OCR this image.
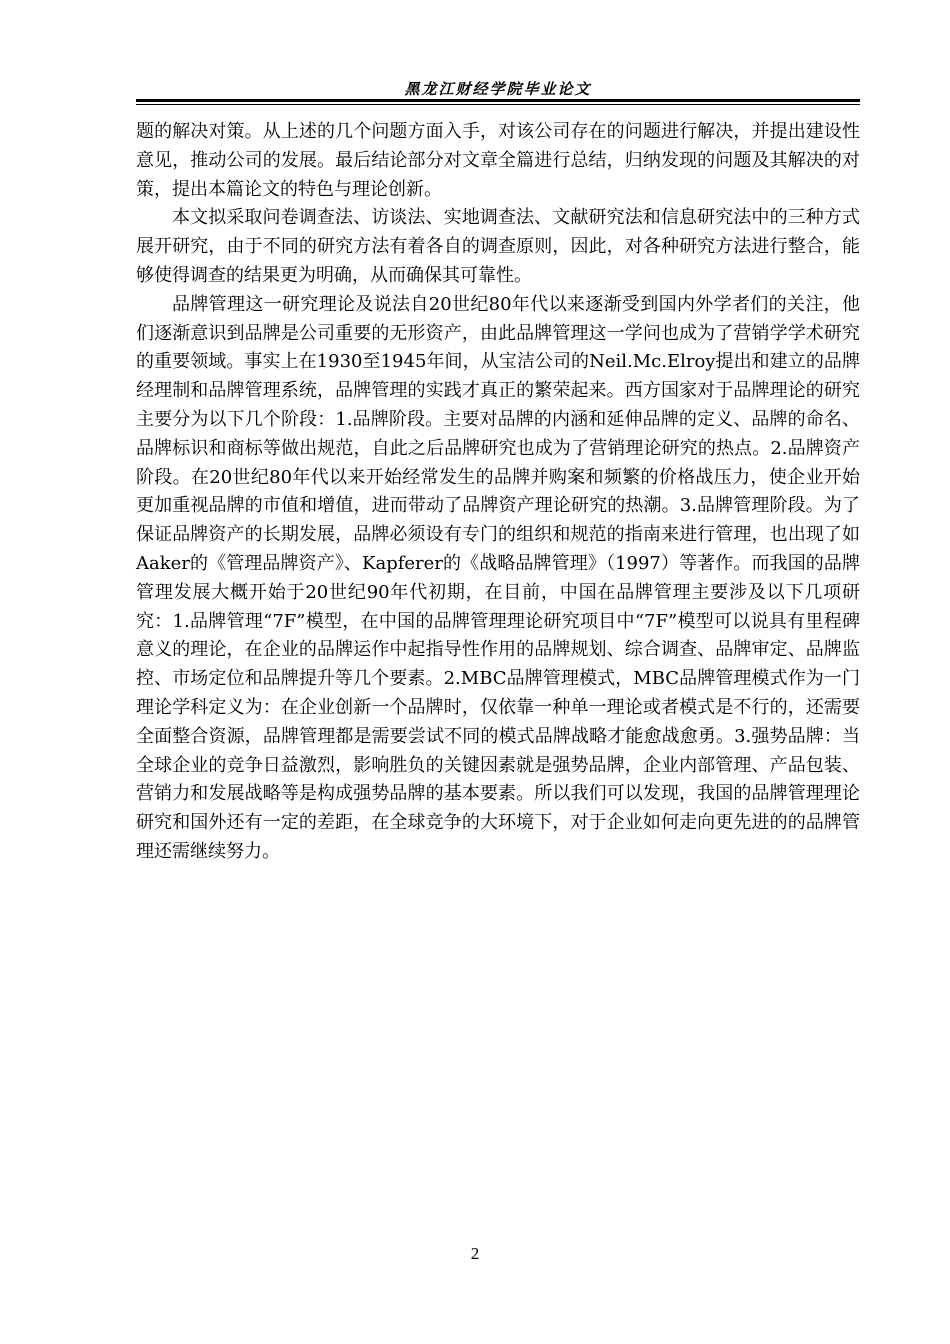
黑龙江财经学院毕业论文

题的解决对策。从上述的几个问题方面入手，对该公司存在的问题进行解决，并提出建设性意见，推动公司的发展。最后结论部分对文章全篇进行总结，归纳发现的问题及其解决的对策，提出本篇论文的特色与理论创新。

本文拟采取问卷调查法、访谈法、实地调查法、文献研究法和信息研究法中的三种方式展开研究，由于不同的研究方法有着各自的调查原则，因此，对各种研究方法进行整合，能够使得调查的结果更为明确，从而确保其可靠性。

品牌管理这一研究理论及说法自20世纪80年代以来逐渐受到国内外学者们的关注，他们逐渐意识到品牌是公司重要的无形资产，由此品牌管理这一学问也成为了营销学学术研究的重要领域。事实上在1930至1945年间，从宝洁公司的Neil.Mc.Elroy提出和建立的品牌经理制和品牌管理系统，品牌管理的实践才真正的繁荣起来。西方国家对于品牌理论的研究主要分为以下几个阶段：1.品牌阶段。主要对品牌的内涵和延伸品牌的定义、品牌的命名、品牌标识和商标等做出规范，自此之后品牌研究也成为了营销理论研究的热点。2.品牌资产阶段。在20世纪80年代以来开始经常发生的品牌并购案和频繁的价格战压力，使企业开始更加重视品牌的市值和增值，进而带动了品牌资产理论研究的热潮。3.品牌管理阶段。为了保证品牌资产的长期发展，品牌必须设有专门的组织和规范的指南来进行管理，也出现了如Aaker的《管理品牌资产》、Kapferer的《战略品牌管理》（1997）等著作。而我国的品牌管理发展大概开始于20世纪90年代初期，在目前，中国在品牌管理主要涉及以下几项研究：1.品牌管理“7F”模型，在中国的品牌管理理论研究项目中“7F”模型可以说具有里程碑意义的理论，在企业的品牌运作中起指导性作用的品牌规划、综合调查、品牌审定、品牌监控、市场定位和品牌提升等几个要素。2.MBC品牌管理模式，MBC品牌管理模式作为一门理论学科定义为：在企业创新一个品牌时，仅依靠一种单一理论或者模式是不行的，还需要全面整合资源，品牌管理都是需要尝试不同的模式品牌战略才能愈战愈勇。3.强势品牌：当全球企业的竞争日益激烈，影响胜负的关键因素就是强势品牌，企业内部管理、产品包装、营销力和发展战略等是构成强势品牌的基本要素。所以我们可以发现，我国的品牌管理理论研究和国外还有一定的差距，在全球竞争的大环境下，对于企业如何走向更先进的的品牌管理还需继续努力。

2
